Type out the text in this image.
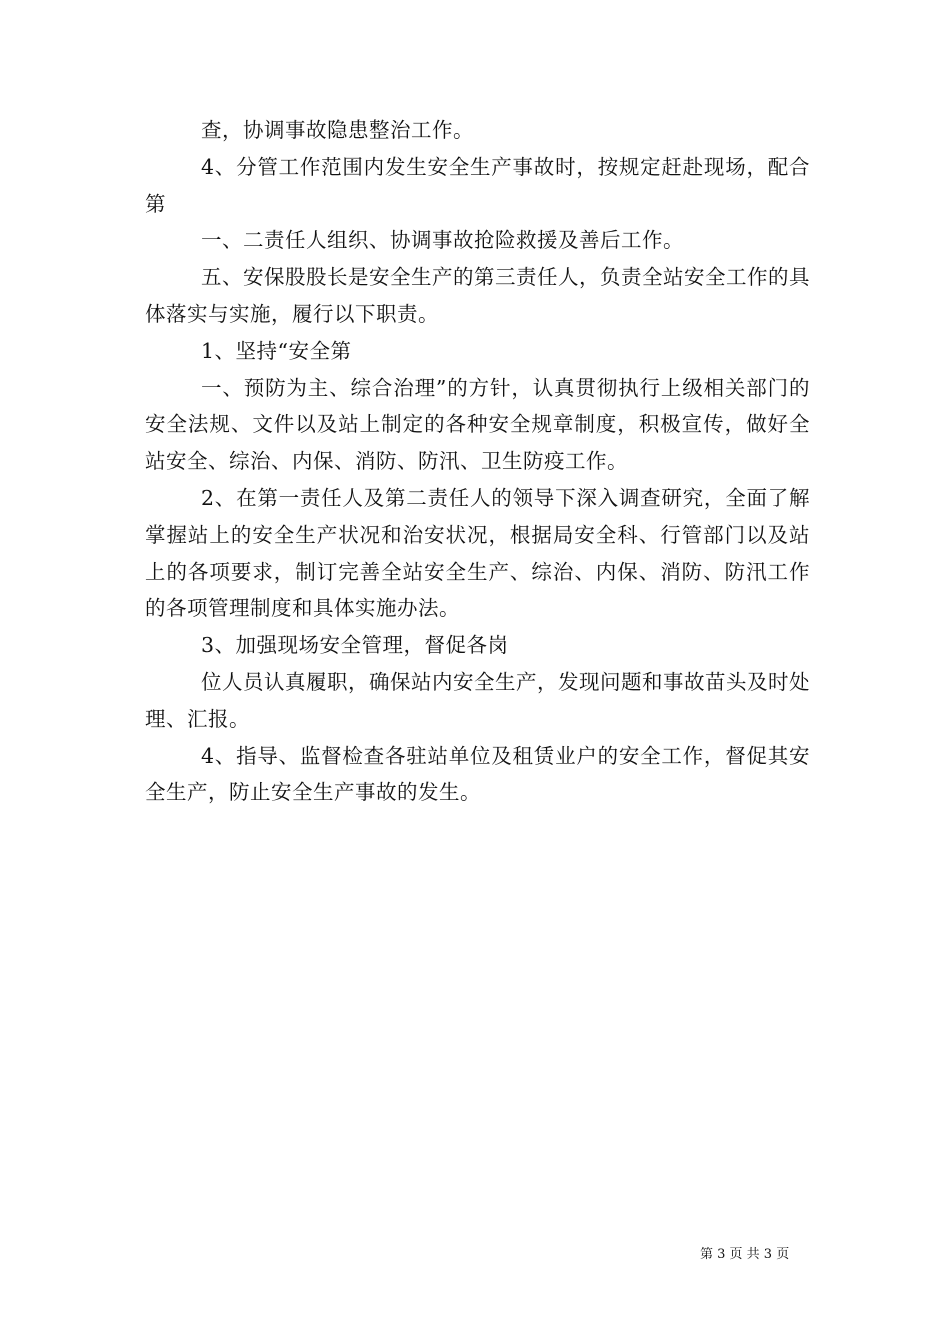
查，协调事故隐患整治工作。

4、分管工作范围内发生安全生产事故时，按规定赶赴现场，配合第

一、二责任人组织、协调事故抢险救援及善后工作。

五、安保股股长是安全生产的第三责任人，负责全站安全工作的具体落实与实施，履行以下职责。

1、坚持“安全第

一、预防为主、综合治理”的方针，认真贯彻执行上级相关部门的安全法规、文件以及站上制定的各种安全规章制度，积极宣传，做好全站安全、综治、内保、消防、防汛、卫生防疫工作。

2、在第一责任人及第二责任人的领导下深入调查研究，全面了解掌握站上的安全生产状况和治安状况，根据局安全科、行管部门以及站上的各项要求，制订完善全站安全生产、综治、内保、消防、防汛工作的各项管理制度和具体实施办法。

3、加强现场安全管理，督促各岗

位人员认真履职，确保站内安全生产，发现问题和事故苗头及时处理、汇报。

4、指导、监督检查各驻站单位及租赁业户的安全工作，督促其安全生产，防止安全生产事故的发生。

第 3 页 共 3 页
